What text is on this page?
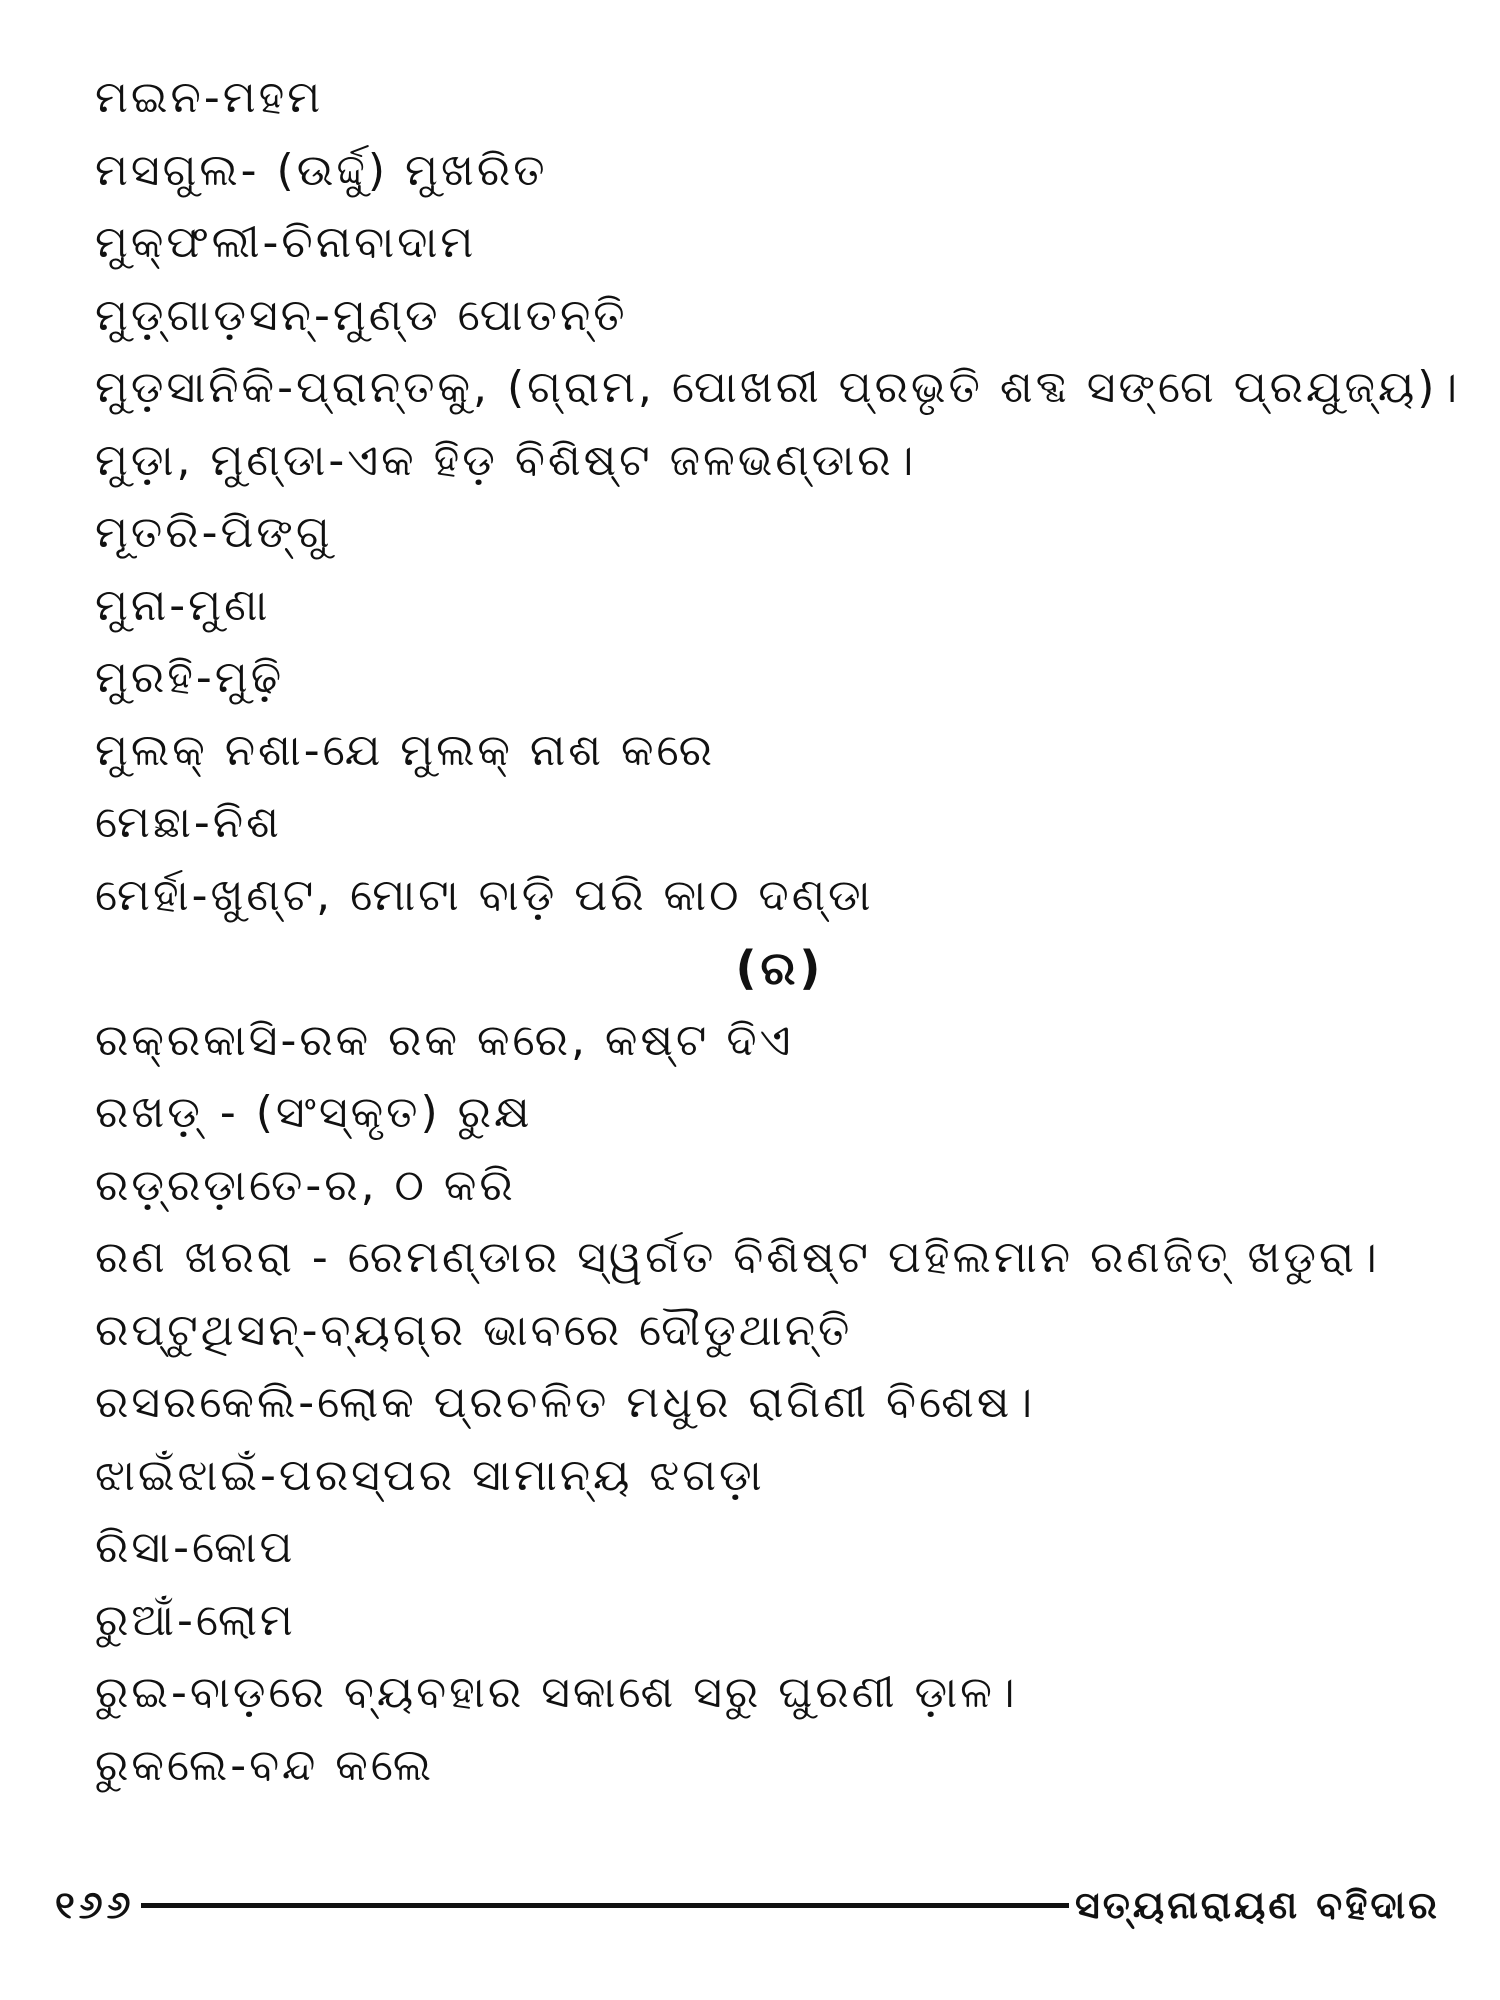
ମଇନ-ମହମ
ମସଗୁଲ- (ଉର୍ଦ୍ଦୁ) ମୁଖରିତ
ମୁକ୍ଫଲୀ-ଚିନାବାଦାମ
ମୁଡ଼୍ଗାଡ଼ସନ୍-ମୁଣ୍ଡ ପୋତନ୍ତି
ମୁଡ଼ସାନିକି-ପ୍ରାନ୍ତକୁ, (ଗ୍ରାମ, ପୋଖରୀ ପ୍ରଭୃତି ଶବ୍ଦ ସଙ୍ଗେ ପ୍ରଯୁଜ୍ୟ)।
ମୁଡ଼ା, ମୁଣ୍ଡା-ଏକ ହିଡ଼ ବିଶିଷ୍ଟ ଜଳଭଣ୍ଡାର।
ମୂତରି-ପିଙ୍ଗୁ
ମୁନା-ମୁଣା
ମୁରହି-ମୁଢ଼ି
ମୁଲକ୍ ନଶା-ଯେ ମୁଲକ୍ ନାଶ କରେ
ମେଛା-ନିଶ
ମେର୍ହା-ଖୁଣ୍ଟ, ମୋଟା ବାଡ଼ି ପରି କାଠ ଦଣ୍ଡା
(ର)
ରକ୍ରକାସି-ରକ ରକ କରେ, କଷ୍ଟ ଦିଏ
ରଖଡ଼୍ - (ସଂସ୍କୃତ) ରୁକ୍ଷ
ରଡ଼୍ରଡ଼ାତେ-ର, ଠ କରି
ରଣ ଖରରା - ରେମଣ୍ଡାର ସ୍ୱର୍ଗତ ବିଶିଷ୍ଟ ପହିଲମାନ ରଣଜିତ୍ ଖଡୁରା।
ରପ୍ଟୁଥିସନ୍-ବ୍ୟଗ୍ର ଭାବରେ ଦୌଡୁଥାନ୍ତି
ରସରକେଲି-ଲୋକ ପ୍ରଚଳିତ ମଧୁର ରାଗିଣୀ ବିଶେଷ।
ଝାଇଁଝାଇଁ-ପରସ୍ପର ସାମାନ୍ୟ ଝଗଡ଼ା
ରିସା-କୋପ
ରୁଆଁ-ଲୋମ
ରୁଇ-ବାଡ଼ରେ ବ୍ୟବହାର ସକାଶେ ସରୁ ଘୁରଣୀ ଡ଼ାଳ।
ରୁକଲେ-ବନ୍ଦ କଲେ
୧୬୬	ସତ୍ୟନାରାୟଣ ବହିଦାର
